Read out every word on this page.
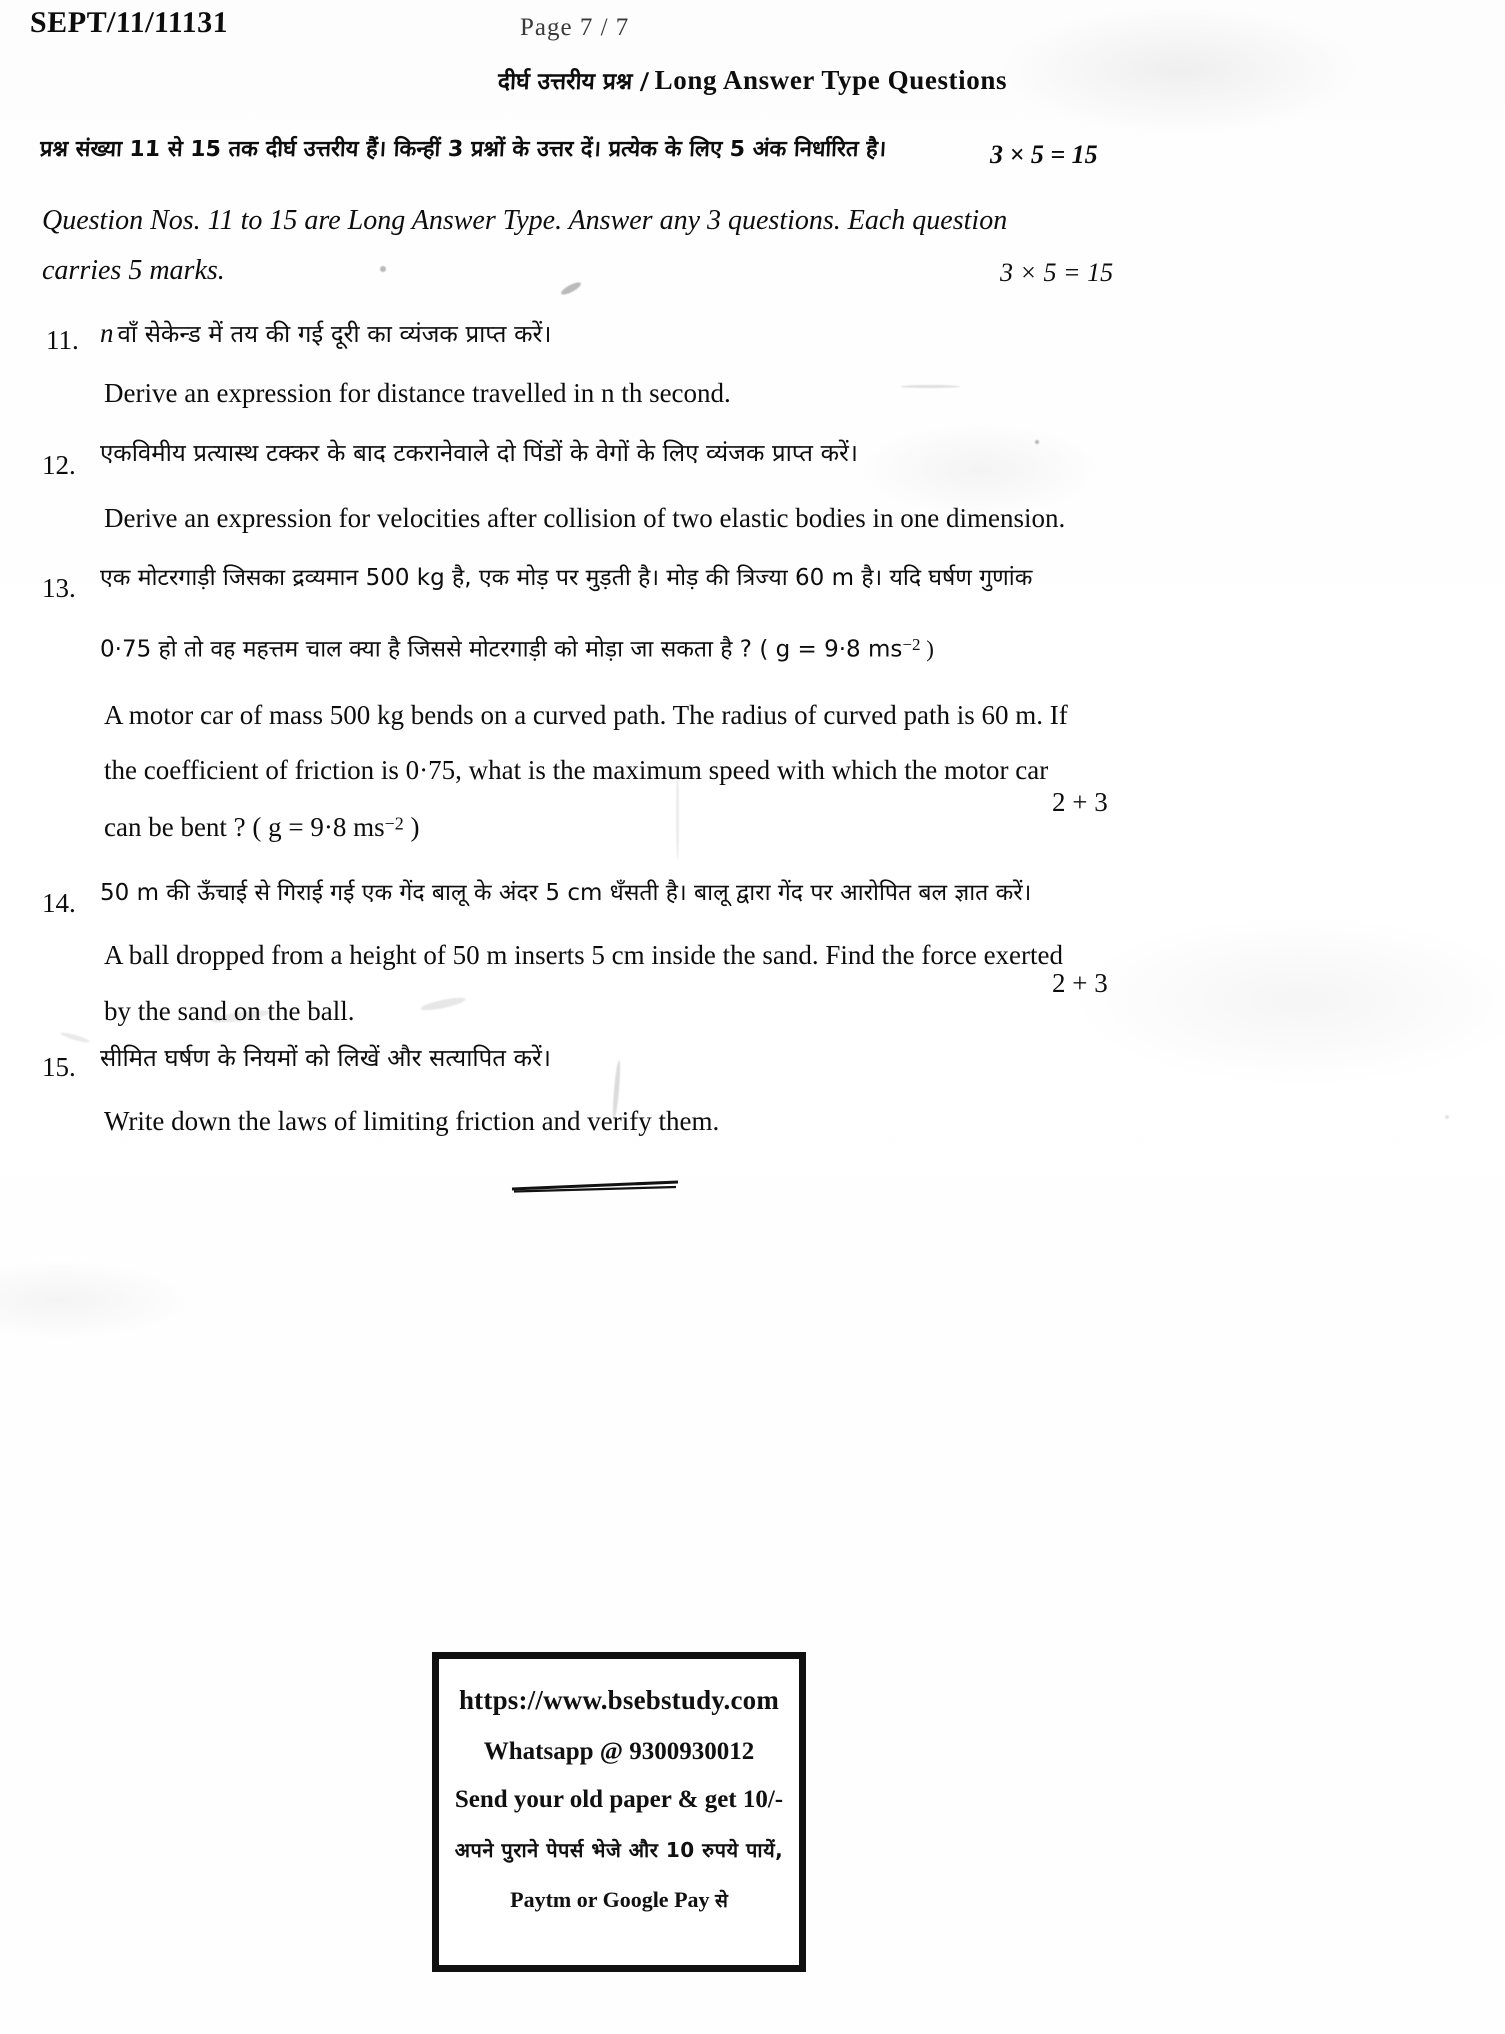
SEPT/11/11131	Page 7 / 7
दीर्घ उत्तरीय प्रश्न / Long Answer Type Questions
प्रश्न संख्या 11 से 15 तक दीर्घ उत्तरीय हैं। किन्हीं 3 प्रश्नों के उत्तर दें। प्रत्येक के लिए 5 अंक निर्धारित है।	3 × 5 = 15
Question Nos. 11 to 15 are Long Answer Type. Answer any 3 questions. Each question
carries 5 marks.	3 × 5 = 15
11. n वाँ सेकेन्ड में तय की गई दूरी का व्यंजक प्राप्त करें।
Derive an expression for distance travelled in n th second.
12.	एकविमीय प्रत्यास्थ टक्कर के बाद टकरानेवाले दो पिंडों के वेगों के लिए व्यंजक प्राप्त करें।
Derive an expression for velocities after collision of two elastic bodies in one dimension.
13.	एक मोटरगाड़ी जिसका द्रव्यमान 500 kg है, एक मोड़ पर मुड़ती है। मोड़ की त्रिज्या 60 m है। यदि घर्षण गुणांक
0·75 हो तो वह महत्तम चाल क्या है जिससे मोटरगाड़ी को मोड़ा जा सकता है ? ( g = 9·8 ms−2 )
A motor car of mass 500 kg bends on a curved path. The radius of curved path is 60 m. If
the coefficient of friction is 0·75, what is the maximum speed with which the motor car
can be bent ? ( g = 9·8 ms−2 )
2 + 3
14.	50 m की ऊँचाई से गिराई गई एक गेंद बालू के अंदर 5 cm धँसती है। बालू द्वारा गेंद पर आरोपित बल ज्ञात करें।
A ball dropped from a height of 50 m inserts 5 cm inside the sand. Find the force exerted
by the sand on the ball.
2 + 3
15.	सीमित घर्षण के नियमों को लिखें और सत्यापित करें।
Write down the laws of limiting friction and verify them.
https://www.bsebstudy.com
Whatsapp @ 9300930012
Send your old paper & get 10/-
अपने पुराने पेपर्स भेजे और 10 रुपये पायें,
Paytm or Google Pay से
